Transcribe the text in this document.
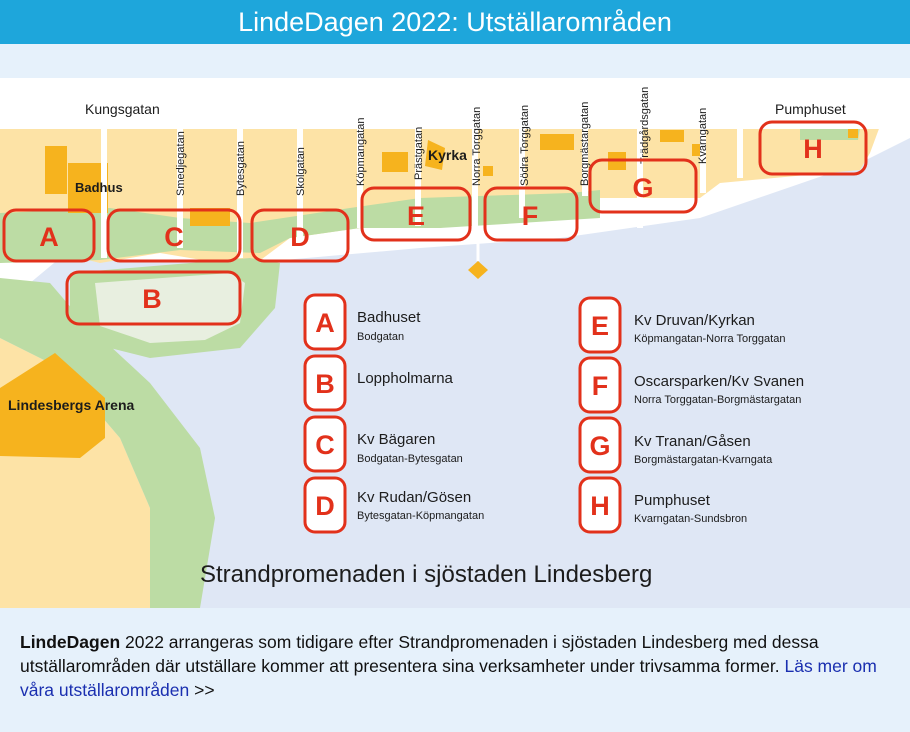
LindeDagen 2022: Utställarområden
Kungsgatan
Smedjegatan	Bytesgatan	Skolgatan	Köpmangatan	Prästgatan	Norra Torggatan	Södra Torggatan	Borgmästargatan	Trädgårdsgatan	Kvarngatan
Badhus
Kyrka
Pumphuset
Lindesbergs Arena
A
B
C	D
E	F
G
H
A Badhuset
Bodgatan
B Loppholmarna
C Kv Bägaren
Bodgatan-Bytesgatan
D Kv Rudan/Gösen
Bytesgatan-Köpmangatan
E Kv Druvan/Kyrkan
Köpmangatan-Norra Torggatan
F Oscarsparken/Kv Svanen
Norra Torggatan-Borgmästargatan
G Kv Tranan/Gåsen
Borgmästargatan-Kvarngata
H Pumphuset
Kvarngatan-Sundsbron
Strandpromenaden i sjöstaden Lindesberg
LindeDagen 2022 arrangeras som tidigare efter Strandpromenaden i sjöstaden Lindesberg med dessa utställarområden där utställare kommer att presentera sina verksamheter under trivsamma former. Läs mer om våra utställarområden >>
